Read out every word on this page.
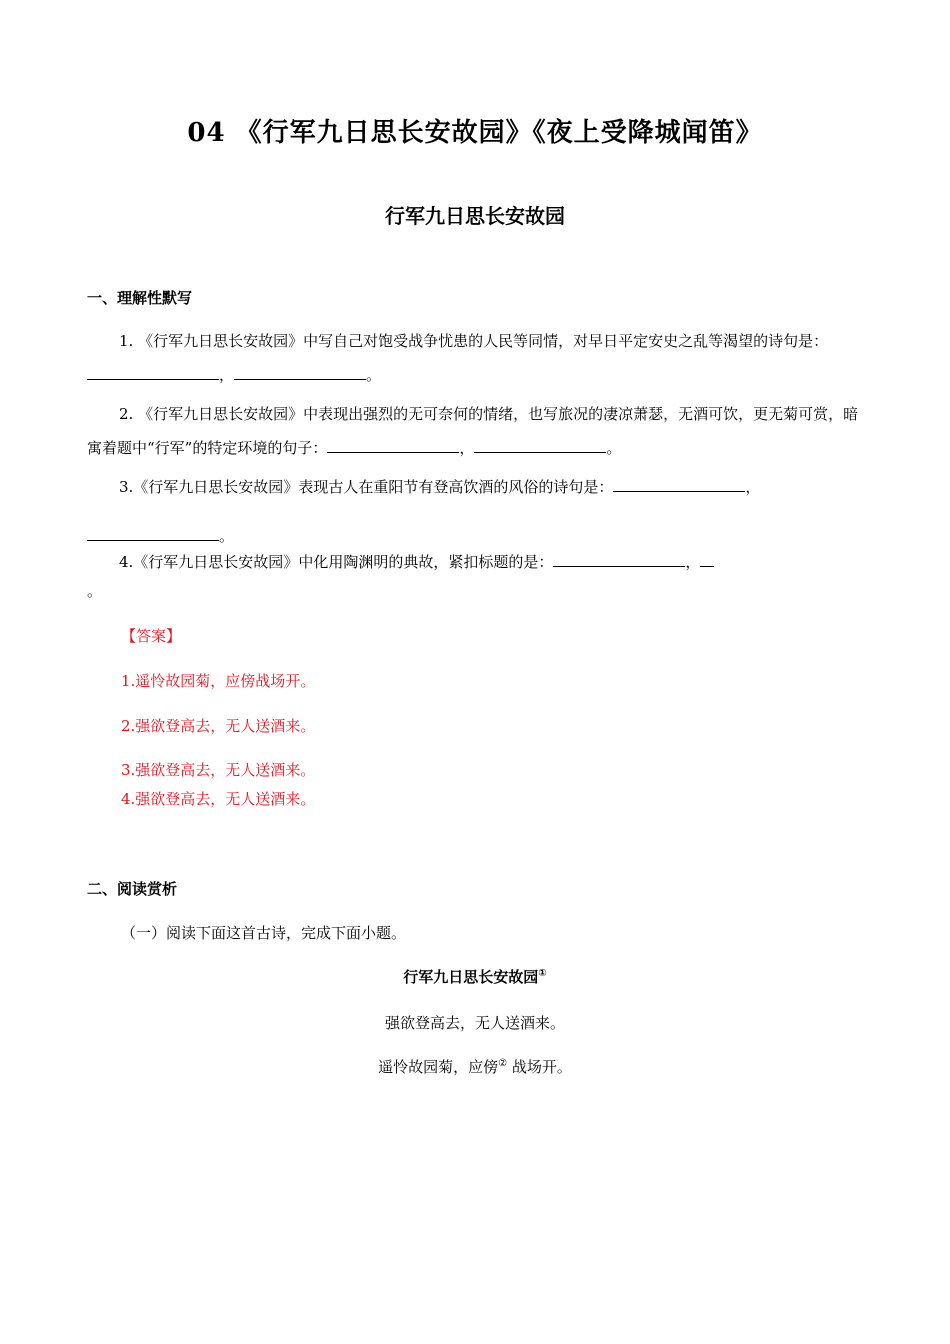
04 《行军九日思长安故园》《夜上受降城闻笛》
行军九日思长安故园
一、理解性默写
1. 《行军九日思长安故园》中写自己对饱受战争忧患的人民等同情，对早日平定安史之乱等渴望的诗句是：，	。
2. 《行军九日思长安故园》中表现出强烈的无可奈何的情绪，也写旅况的凄凉萧瑟，无酒可饮，更无菊可赏，暗寓着题中“行军”的特定环境的句子：	，	。
3.《行军九日思长安故园》表现古人在重阳节有登高饮酒的风俗的诗句是：	，
。
4.《行军九日思长安故园》中化用陶渊明的典故，紧扣标题的是：	，
。
【答案】
1.遥怜故园菊，应傍战场开。
2.强欲登高去，无人送酒来。
3.强欲登高去，无人送酒来。
4.强欲登高去，无人送酒来。
二、阅读赏析
（一）阅读下面这首古诗，完成下面小题。
行军九日思长安故园①
强欲登高去，无人送酒来。
遥怜故园菊，应傍② 战场开。
